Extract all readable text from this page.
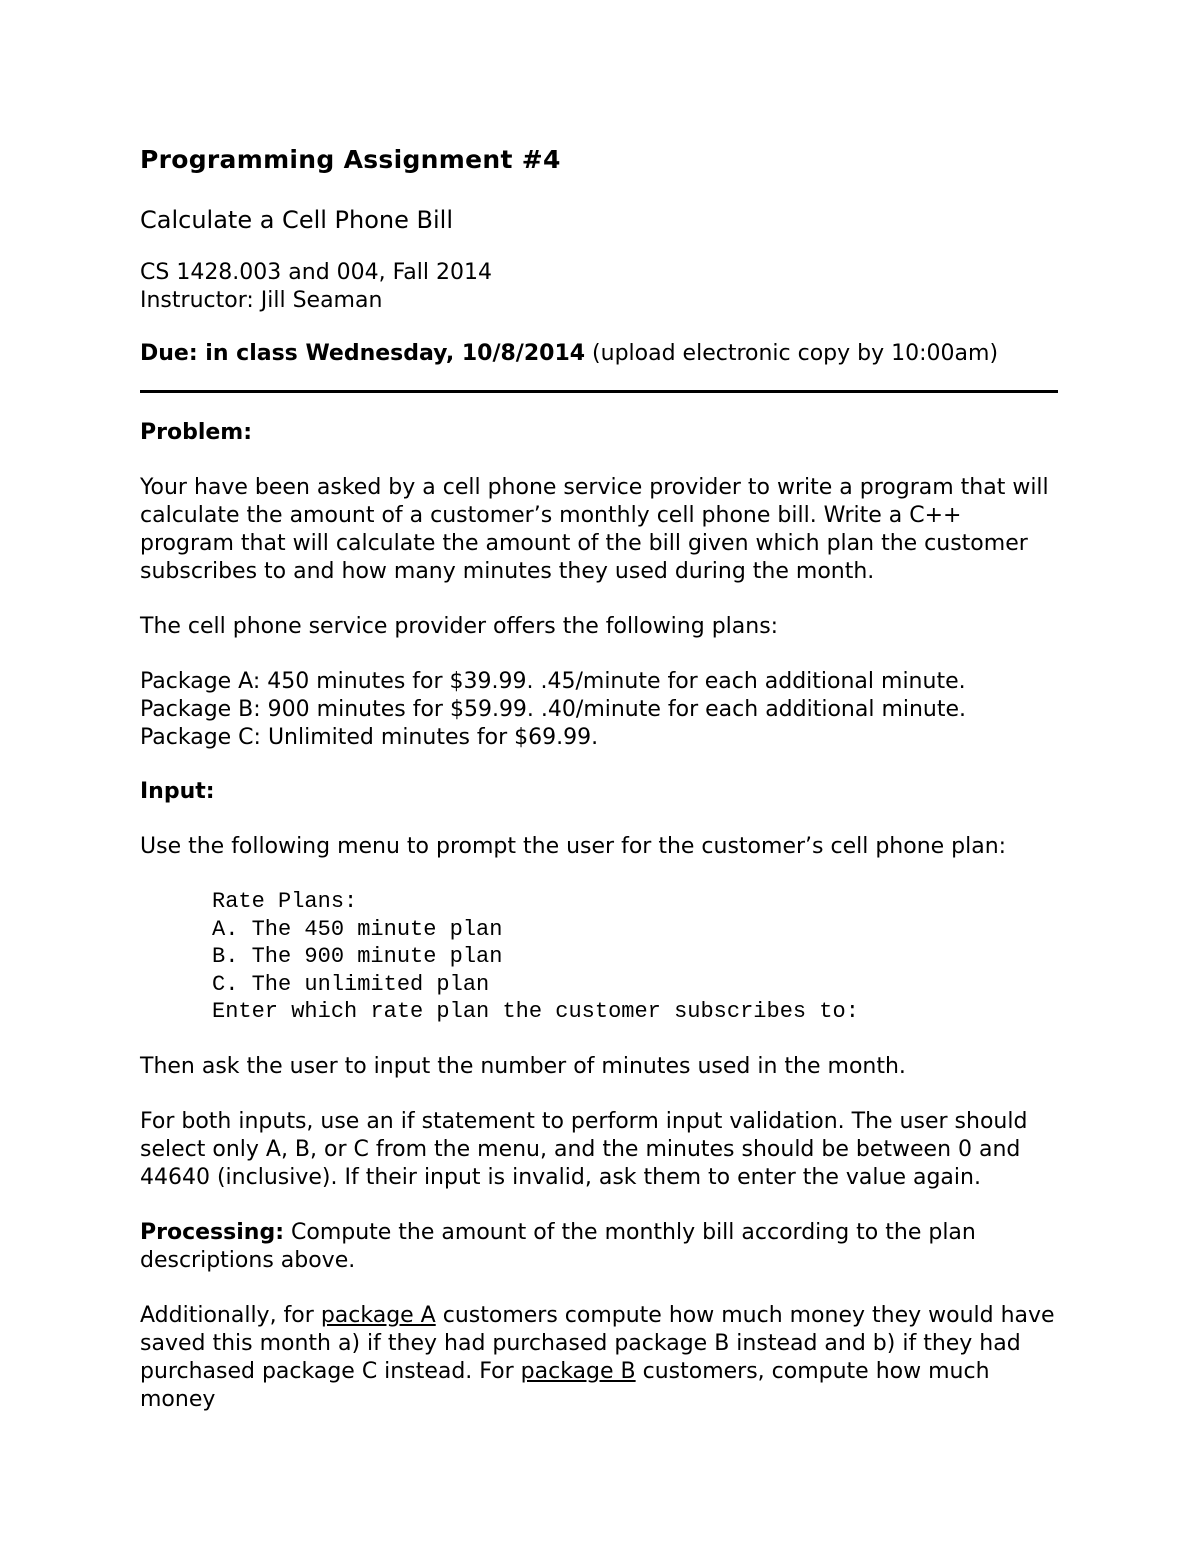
Programming Assignment #4
Calculate a Cell Phone Bill
CS 1428.003 and 004, Fall 2014
Instructor: Jill Seaman
Due: in class Wednesday, 10/8/2014 (upload electronic copy by 10:00am)
Problem:
Your have been asked by a cell phone service provider to write a program that will calculate the amount of a customer’s monthly cell phone bill. Write a C++ program that will calculate the amount of the bill given which plan the customer subscribes to and how many minutes they used during the month.
The cell phone service provider offers the following plans:
Package A: 450 minutes for $39.99. .45/minute for each additional minute.
Package B: 900 minutes for $59.99. .40/minute for each additional minute.
Package C: Unlimited minutes for $69.99.
Input:
Use the following menu to prompt the user for the customer’s cell phone plan:
Rate Plans:
A. The 450 minute plan
B. The 900 minute plan
C. The unlimited plan
Enter which rate plan the customer subscribes to:
Then ask the user to input the number of minutes used in the month.
For both inputs, use an if statement to perform input validation. The user should select only A, B, or C from the menu, and the minutes should be between 0 and 44640 (inclusive). If their input is invalid, ask them to enter the value again.
Processing: Compute the amount of the monthly bill according to the plan descriptions above.
Additionally, for package A customers compute how much money they would have saved this month a) if they had purchased package B instead and b) if they had purchased package C instead. For package B customers, compute how much money
